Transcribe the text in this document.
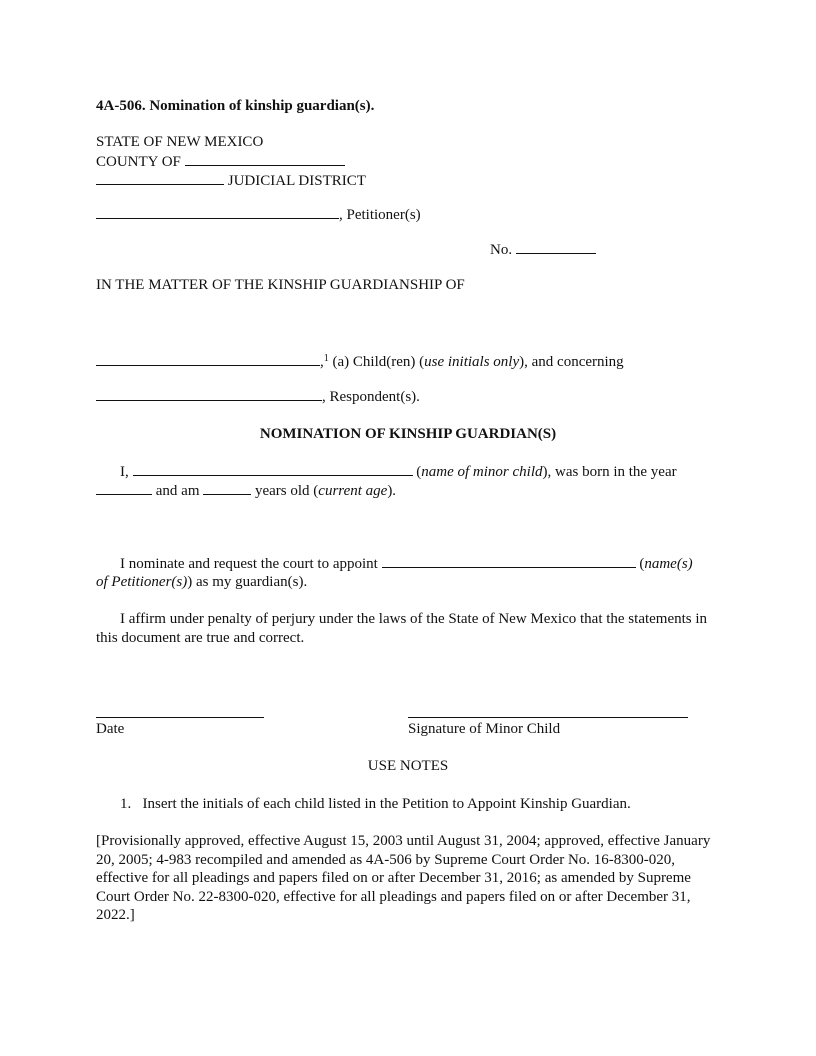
4A-506. Nomination of kinship guardian(s).
STATE OF NEW MEXICO
COUNTY OF
JUDICIAL DISTRICT
, Petitioner(s)
No.
IN THE MATTER OF THE KINSHIP GUARDIANSHIP OF
,$^1$ (a) Child(ren) (use initials only), and concerning
, Respondent(s).
NOMINATION OF KINSHIP GUARDIAN(S)
I,	(name of minor child), was born in the year
and am	years old (current age).
I nominate and request the court to appoint	(name(s)
of Petitioner(s)) as my guardian(s).
I affirm under penalty of perjury under the laws of the State of New Mexico that the statements in this document are true and correct.
Date	Signature of Minor Child
USE NOTES
1. Insert the initials of each child listed in the Petition to Appoint Kinship Guardian.
[Provisionally approved, effective August 15, 2003 until August 31, 2004; approved, effective January 20, 2005; 4-983 recompiled and amended as 4A-506 by Supreme Court Order No. 16-8300-020, effective for all pleadings and papers filed on or after December 31, 2016; as amended by Supreme Court Order No. 22-8300-020, effective for all pleadings and papers filed on or after December 31, 2022.]
